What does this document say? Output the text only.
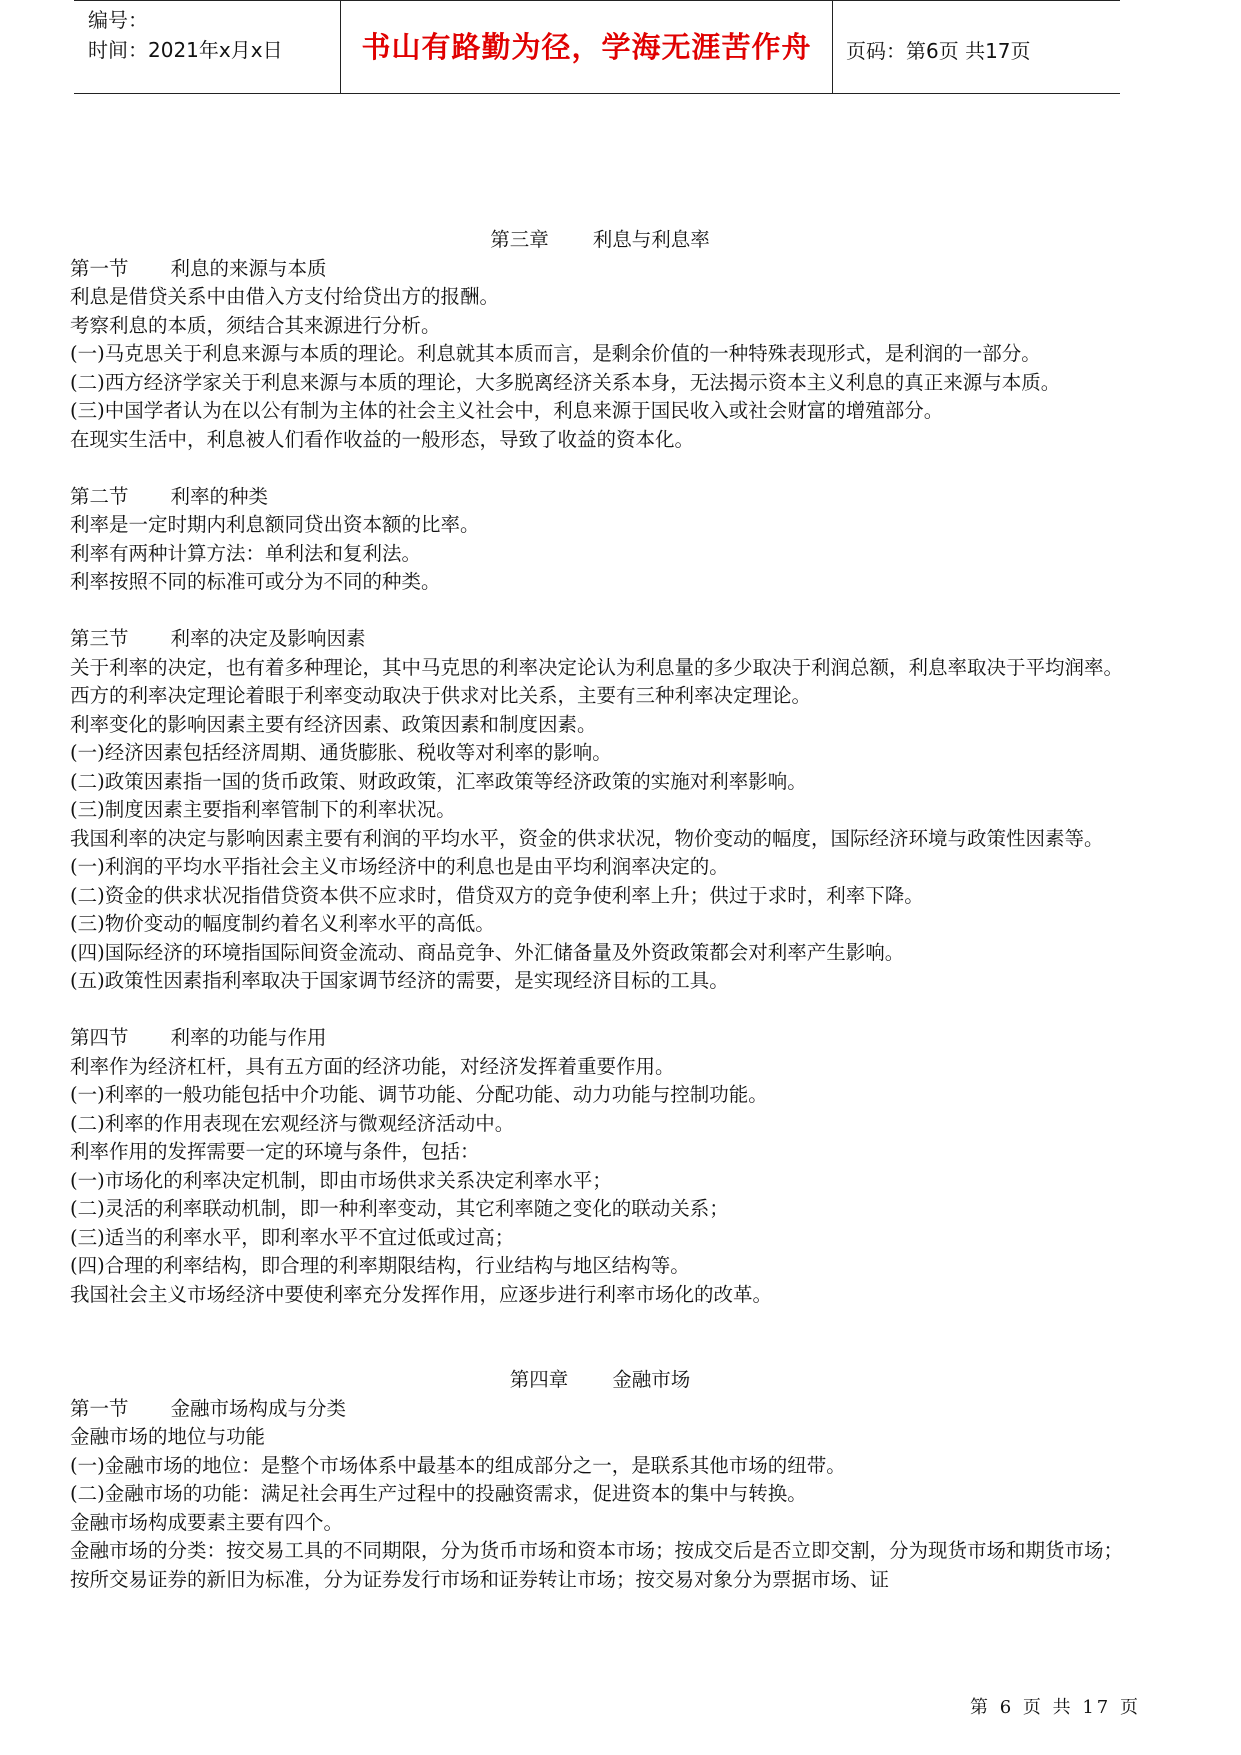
编号：
时间：2021年x月x日	书山有路勤为径，学海无涯苦作舟	页码：第6页 共17页

第三章 利息与利息率

第一节 利息的来源与本质

利息是借贷关系中由借入方支付给贷出方的报酬。

考察利息的本质，须结合其来源进行分析。

(一)马克思关于利息来源与本质的理论。利息就其本质而言，是剩余价值的一种特殊表现形式，是利润的一部分。

(二)西方经济学家关于利息来源与本质的理论，大多脱离经济关系本身，无法揭示资本主义利息的真正来源与本质。

(三)中国学者认为在以公有制为主体的社会主义社会中，利息来源于国民收入或社会财富的增殖部分。

在现实生活中，利息被人们看作收益的一般形态，导致了收益的资本化。

第二节 利率的种类

利率是一定时期内利息额同贷出资本额的比率。

利率有两种计算方法：单利法和复利法。

利率按照不同的标准可或分为不同的种类。

第三节 利率的决定及影响因素

关于利率的决定，也有着多种理论，其中马克思的利率决定论认为利息量的多少取决于利润总额，利息率取决于平均润率。西方的利率决定理论着眼于利率变动取决于供求对比关系，主要有三种利率决定理论。

利率变化的影响因素主要有经济因素、政策因素和制度因素。

(一)经济因素包括经济周期、通货膨胀、税收等对利率的影响。

(二)政策因素指一国的货币政策、财政政策，汇率政策等经济政策的实施对利率影响。

(三)制度因素主要指利率管制下的利率状况。

我国利率的决定与影响因素主要有利润的平均水平，资金的供求状况，物价变动的幅度，国际经济环境与政策性因素等。

(一)利润的平均水平指社会主义市场经济中的利息也是由平均利润率决定的。

(二)资金的供求状况指借贷资本供不应求时，借贷双方的竞争使利率上升；供过于求时，利率下降。

(三)物价变动的幅度制约着名义利率水平的高低。

(四)国际经济的环境指国际间资金流动、商品竞争、外汇储备量及外资政策都会对利率产生影响。

(五)政策性因素指利率取决于国家调节经济的需要，是实现经济目标的工具。

第四节 利率的功能与作用

利率作为经济杠杆，具有五方面的经济功能，对经济发挥着重要作用。

(一)利率的一般功能包括中介功能、调节功能、分配功能、动力功能与控制功能。

(二)利率的作用表现在宏观经济与微观经济活动中。

利率作用的发挥需要一定的环境与条件，包括：

(一)市场化的利率决定机制，即由市场供求关系决定利率水平；

(二)灵活的利率联动机制，即一种利率变动，其它利率随之变化的联动关系；

(三)适当的利率水平，即利率水平不宜过低或过高；

(四)合理的利率结构，即合理的利率期限结构，行业结构与地区结构等。

我国社会主义市场经济中要使利率充分发挥作用，应逐步进行利率市场化的改革。

第四章 金融市场

第一节 金融市场构成与分类

金融市场的地位与功能

(一)金融市场的地位：是整个市场体系中最基本的组成部分之一，是联系其他市场的纽带。

(二)金融市场的功能：满足社会再生产过程中的投融资需求，促进资本的集中与转换。

金融市场构成要素主要有四个。

金融市场的分类：按交易工具的不同期限，分为货币市场和资本市场；按成交后是否立即交割，分为现货市场和期货市场；按所交易证券的新旧为标准，分为证券发行市场和证券转让市场；按交易对象分为票据市场、证

第 6 页 共 17 页
